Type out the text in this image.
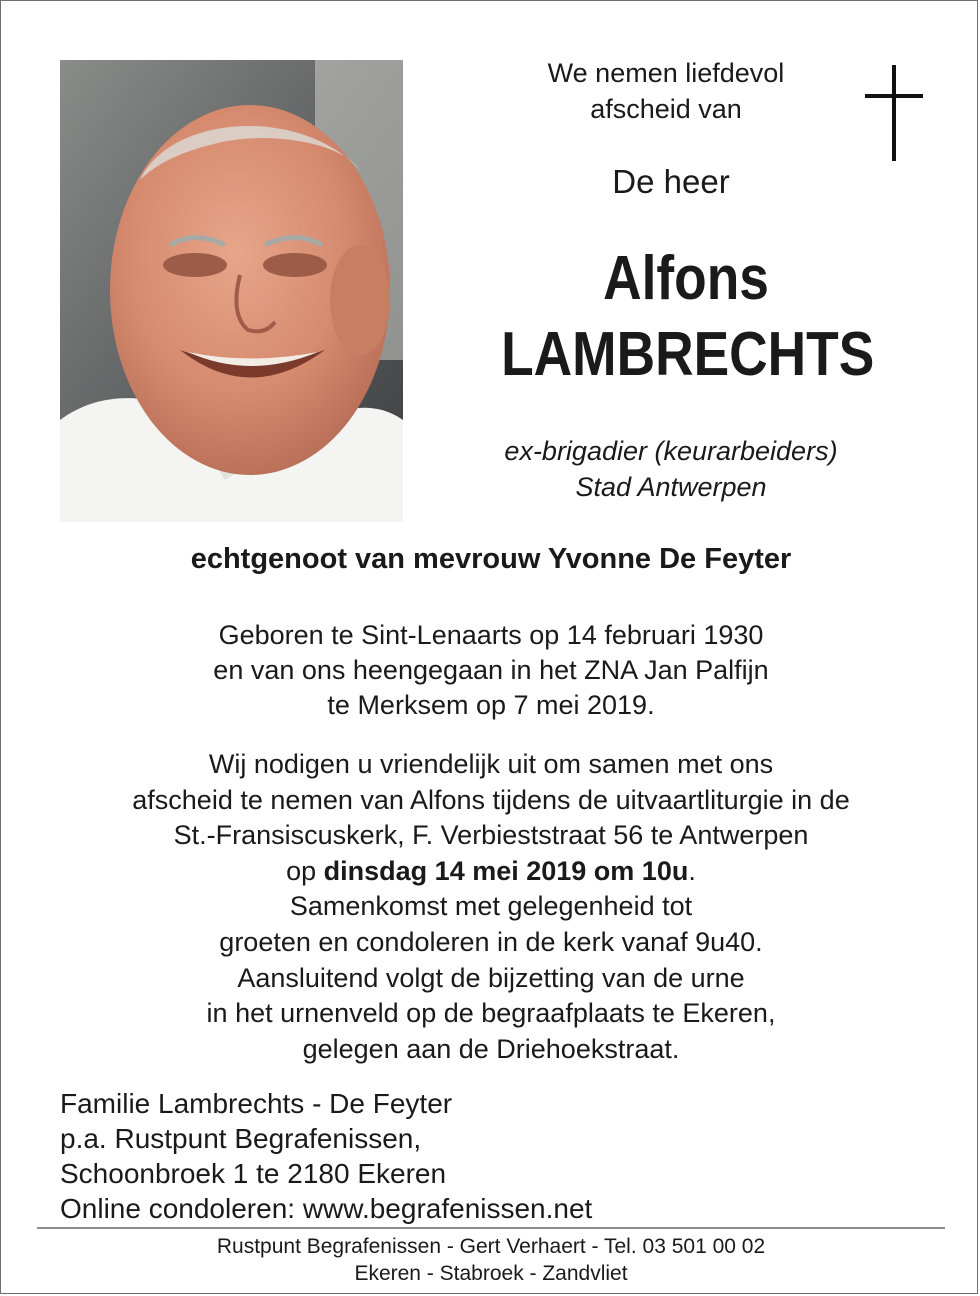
We nemen liefdevol
afscheid van
De heer
Alfons
LAMBRECHTS
ex-brigadier (keurarbeiders)
Stad Antwerpen
echtgenoot van mevrouw Yvonne De Feyter
Geboren te Sint-Lenaarts op 14 februari 1930
en van ons heengegaan in het ZNA Jan Palfijn
te Merksem op 7 mei 2019.
Wij nodigen u vriendelijk uit om samen met ons
afscheid te nemen van Alfons tijdens de uitvaartliturgie in de
St.-Fransiscuskerk, F. Verbieststraat 56 te Antwerpen
op dinsdag 14 mei 2019 om 10u.
Samenkomst met gelegenheid tot
groeten en condoleren in de kerk vanaf 9u40.
Aansluitend volgt de bijzetting van de urne
in het urnenveld op de begraafplaats te Ekeren,
gelegen aan de Driehoekstraat.
Familie Lambrechts - De Feyter
p.a. Rustpunt Begrafenissen,
Schoonbroek 1 te 2180 Ekeren
Online condoleren: www.begrafenissen.net
Rustpunt Begrafenissen - Gert Verhaert - Tel. 03 501 00 02
Ekeren - Stabroek - Zandvliet
